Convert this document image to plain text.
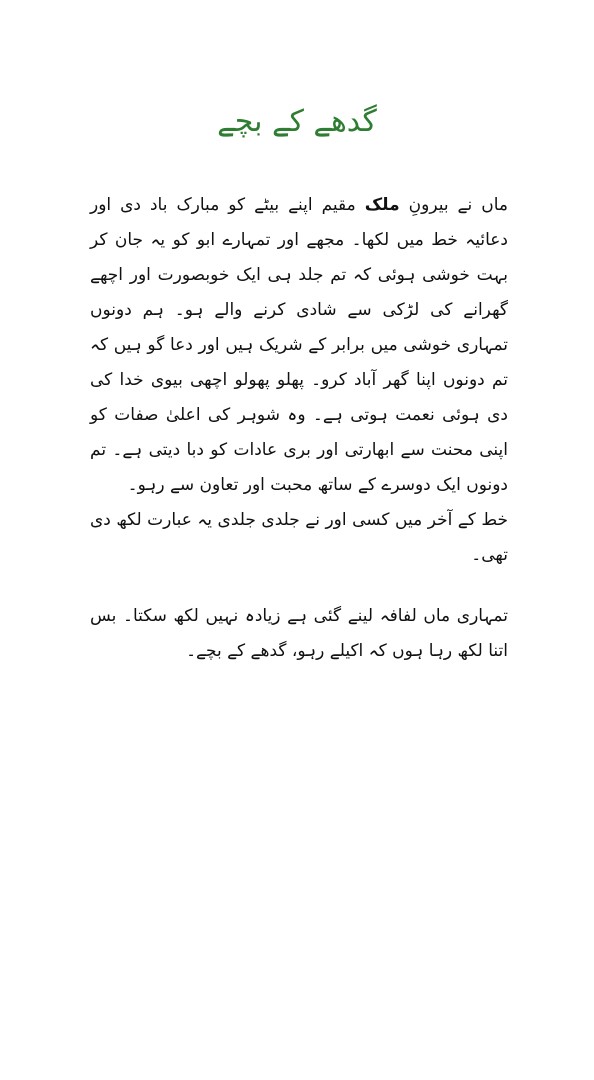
گدھے کے بچے

ماں نے بیرونِ ملک مقیم اپنے بیٹے کو مبارک باد دی اور دعائیہ خط میں لکھا۔ مجھے اور تمہارے ابو کو یہ جان کر بہت خوشی ہوئی کہ تم جلد ہی ایک خوبصورت اور اچھے گھرانے کی لڑکی سے شادی کرنے والے ہو۔ ہم دونوں تمہاری خوشی میں برابر کے شریک ہیں اور دعا گو ہیں کہ تم دونوں اپنا گھر آباد کرو۔ پھلو پھولو اچھی بیوی خدا کی دی ہوئی نعمت ہوتی ہے۔ وہ شوہر کی اعلیٰ صفات کو اپنی محنت سے ابھارتی اور بری عادات کو دبا دیتی ہے۔ تم دونوں ایک دوسرے کے ساتھ محبت اور تعاون سے رہو۔

خط کے آخر میں کسی اور نے جلدی جلدی یہ عبارت لکھ دی تھی۔

تمہاری ماں لفافہ لینے گئی ہے زیادہ نہیں لکھ سکتا۔ بس اتنا لکھ رہا ہوں کہ اکیلے رہو، گدھے کے بچے۔
